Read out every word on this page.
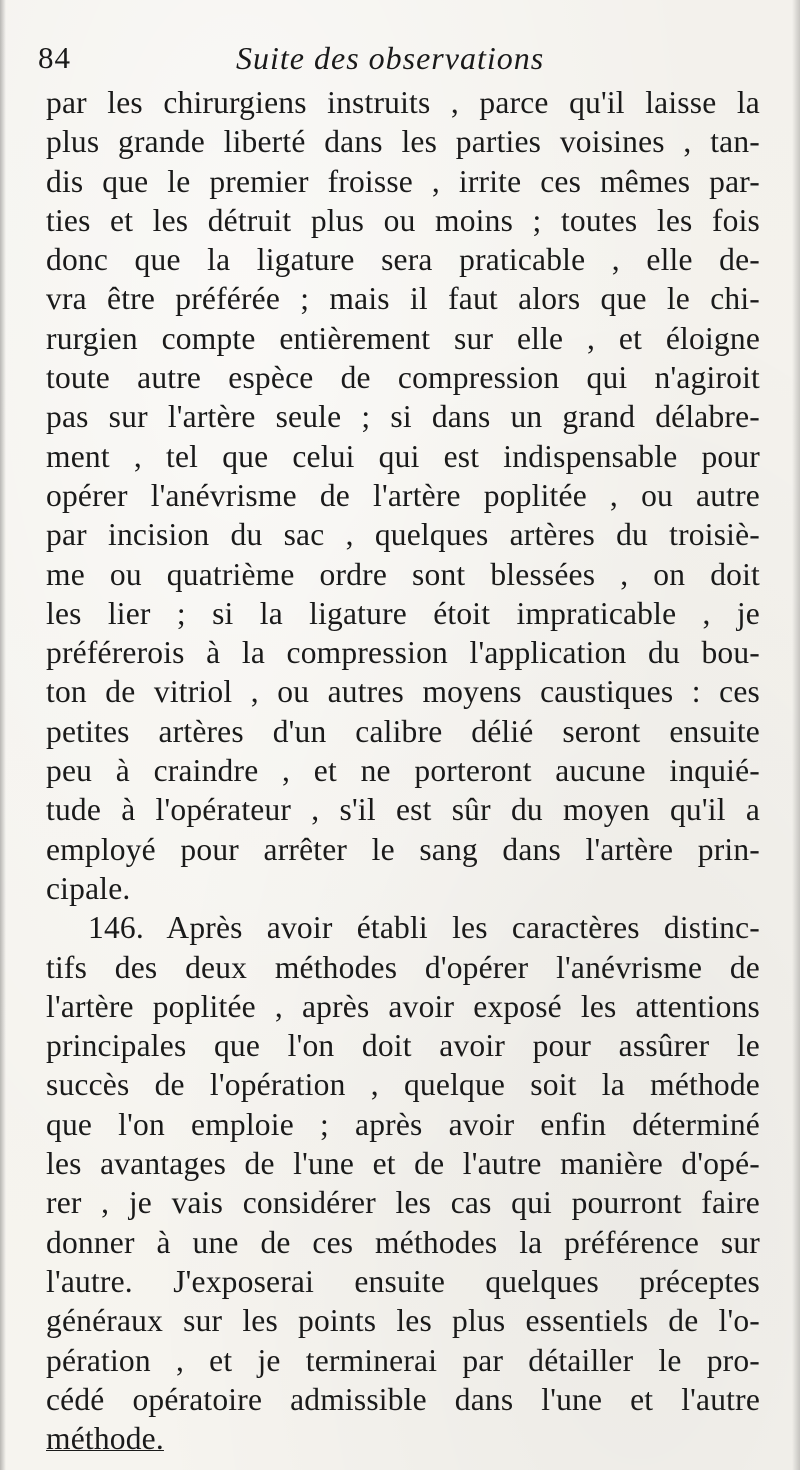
84	Suite des observations
par les chirurgiens instruits , parce qu'il laisse la
plus grande liberté dans les parties voisines , tan-
dis que le premier froisse , irrite ces mêmes par-
ties et les détruit plus ou moins ; toutes les fois
donc que la ligature sera praticable , elle de-
vra être préférée ; mais il faut alors que le chi-
rurgien compte entièrement sur elle , et éloigne
toute autre espèce de compression qui n'agiroit
pas sur l'artère seule ; si dans un grand délabre-
ment , tel que celui qui est indispensable pour
opérer l'anévrisme de l'artère poplitée , ou autre
par incision du sac , quelques artères du troisiè-
me ou quatrième ordre sont blessées , on doit
les lier ; si la ligature étoit impraticable , je
préférerois à la compression l'application du bou-
ton de vitriol , ou autres moyens caustiques : ces
petites artères d'un calibre délié seront ensuite
peu à craindre , et ne porteront aucune inquié-
tude à l'opérateur , s'il est sûr du moyen qu'il a
employé pour arrêter le sang dans l'artère prin-
cipale.
146. Après avoir établi les caractères distinc-
tifs des deux méthodes d'opérer l'anévrisme de
l'artère poplitée , après avoir exposé les attentions
principales que l'on doit avoir pour assûrer le
succès de l'opération , quelque soit la méthode
que l'on emploie ; après avoir enfin déterminé
les avantages de l'une et de l'autre manière d'opé-
rer , je vais considérer les cas qui pourront faire
donner à une de ces méthodes la préférence sur
l'autre. J'exposerai ensuite quelques préceptes
généraux sur les points les plus essentiels de l'o-
pération , et je terminerai par détailler le pro-
cédé opératoire admissible dans l'une et l'autre
méthode.
